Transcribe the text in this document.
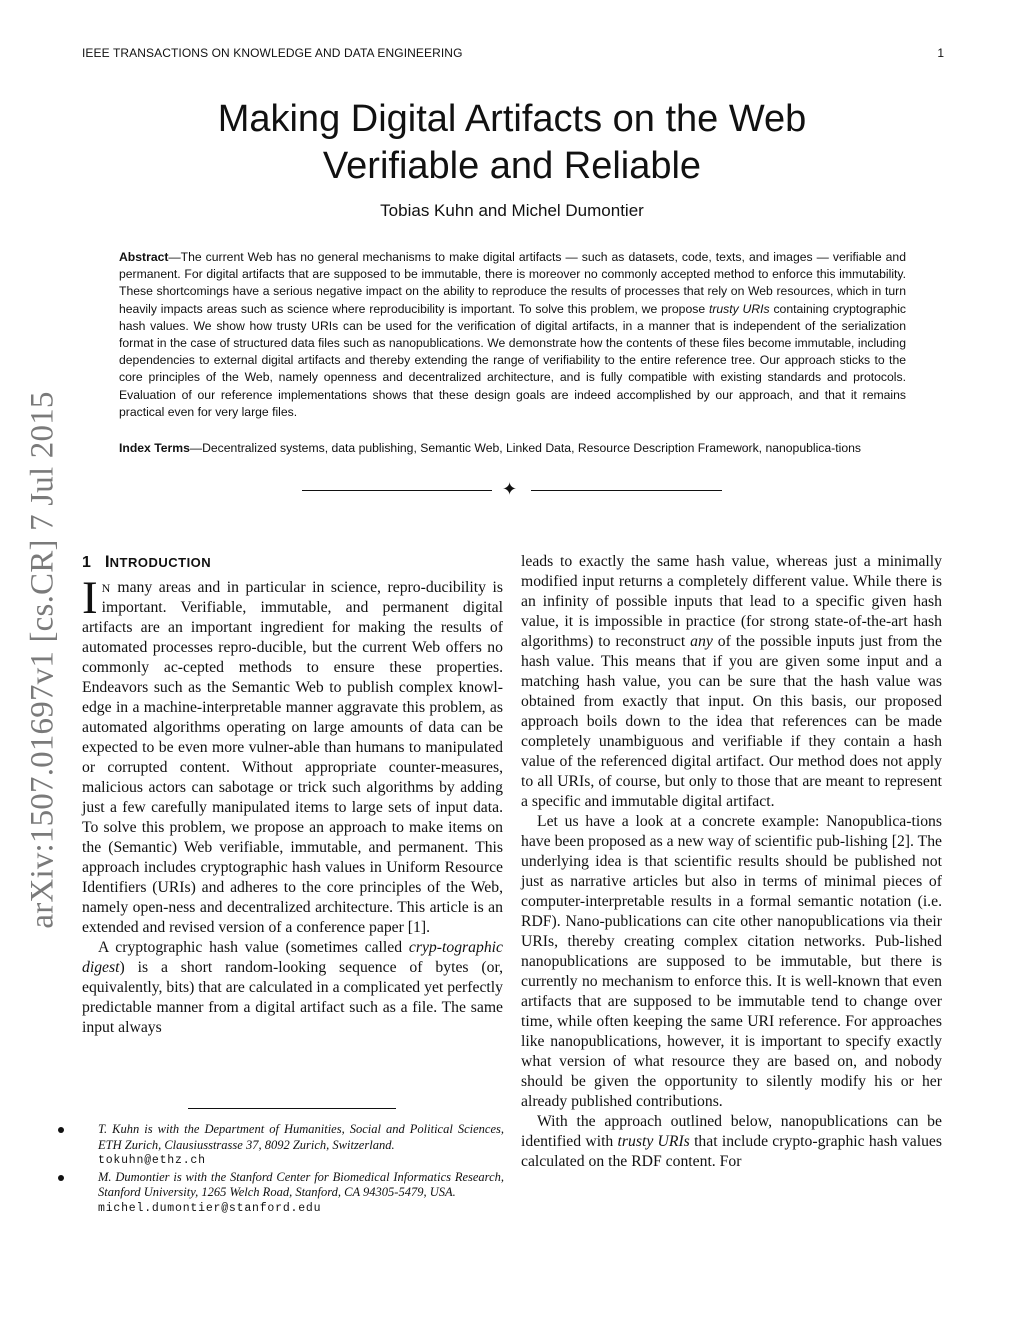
IEEE TRANSACTIONS ON KNOWLEDGE AND DATA ENGINEERING	1
arXiv:1507.01697v1 [cs.CR] 7 Jul 2015
Making Digital Artifacts on the Web
Verifiable and Reliable
Tobias Kuhn and Michel Dumontier
Abstract—The current Web has no general mechanisms to make digital artifacts — such as datasets, code, texts, and images — verifiable and permanent. For digital artifacts that are supposed to be immutable, there is moreover no commonly accepted method to enforce this immutability. These shortcomings have a serious negative impact on the ability to reproduce the results of processes that rely on Web resources, which in turn heavily impacts areas such as science where reproducibility is important. To solve this problem, we propose trusty URIs containing cryptographic hash values. We show how trusty URIs can be used for the verification of digital artifacts, in a manner that is independent of the serialization format in the case of structured data files such as nanopublications. We demonstrate how the contents of these files become immutable, including dependencies to external digital artifacts and thereby extending the range of verifiability to the entire reference tree. Our approach sticks to the core principles of the Web, namely openness and decentralized architecture, and is fully compatible with existing standards and protocols. Evaluation of our reference implementations shows that these design goals are indeed accomplished by our approach, and that it remains practical even for very large files.
Index Terms—Decentralized systems, data publishing, Semantic Web, Linked Data, Resource Description Framework, nanopublica-tions
✦
1 INTRODUCTION

I N many areas and in particular in science, repro-ducibility is important. Verifiable, immutable, and permanent digital artifacts are an important ingredient for making the results of automated processes repro-ducible, but the current Web offers no commonly ac-cepted methods to ensure these properties. Endeavors such as the Semantic Web to publish complex knowl-edge in a machine-interpretable manner aggravate this problem, as automated algorithms operating on large amounts of data can be expected to be even more vulner-able than humans to manipulated or corrupted content. Without appropriate counter-measures, malicious actors can sabotage or trick such algorithms by adding just a few carefully manipulated items to large sets of input data. To solve this problem, we propose an approach to make items on the (Semantic) Web verifiable, immutable, and permanent. This approach includes cryptographic hash values in Uniform Resource Identifiers (URIs) and adheres to the core principles of the Web, namely open-ness and decentralized architecture. This article is an extended and revised version of a conference paper [1].

A cryptographic hash value (sometimes called cryp-tographic digest) is a short random-looking sequence of bytes (or, equivalently, bits) that are calculated in a complicated yet perfectly predictable manner from a digital artifact such as a file. The same input always

leads to exactly the same hash value, whereas just a minimally modified input returns a completely different value. While there is an infinity of possible inputs that lead to a specific given hash value, it is impossible in practice (for strong state-of-the-art hash algorithms) to reconstruct any of the possible inputs just from the hash value. This means that if you are given some input and a matching hash value, you can be sure that the hash value was obtained from exactly that input. On this basis, our proposed approach boils down to the idea that references can be made completely unambiguous and verifiable if they contain a hash value of the referenced digital artifact. Our method does not apply to all URIs, of course, but only to those that are meant to represent a specific and immutable digital artifact.

Let us have a look at a concrete example: Nanopublica-tions have been proposed as a new way of scientific pub-lishing [2]. The underlying idea is that scientific results should be published not just as narrative articles but also in terms of minimal pieces of computer-interpretable results in a formal semantic notation (i.e. RDF). Nano-publications can cite other nanopublications via their URIs, thereby creating complex citation networks. Pub-lished nanopublications are supposed to be immutable, but there is currently no mechanism to enforce this. It is well-known that even artifacts that are supposed to be immutable tend to change over time, while often keeping the same URI reference. For approaches like nanopublications, however, it is important to specify exactly what version of what resource they are based on, and nobody should be given the opportunity to silently modify his or her already published contributions.

With the approach outlined below, nanopublications can be identified with trusty URIs that include crypto-graphic hash values calculated on the RDF content. For

T. Kuhn is with the Department of Humanities, Social and Political Sciences, ETH Zurich, Clausiusstrasse 37, 8092 Zurich, Switzerland.
tokuhn@ethz.ch
M. Dumontier is with the Stanford Center for Biomedical Informatics Research, Stanford University, 1265 Welch Road, Stanford, CA 94305-5479, USA.
michel.dumontier@stanford.edu
